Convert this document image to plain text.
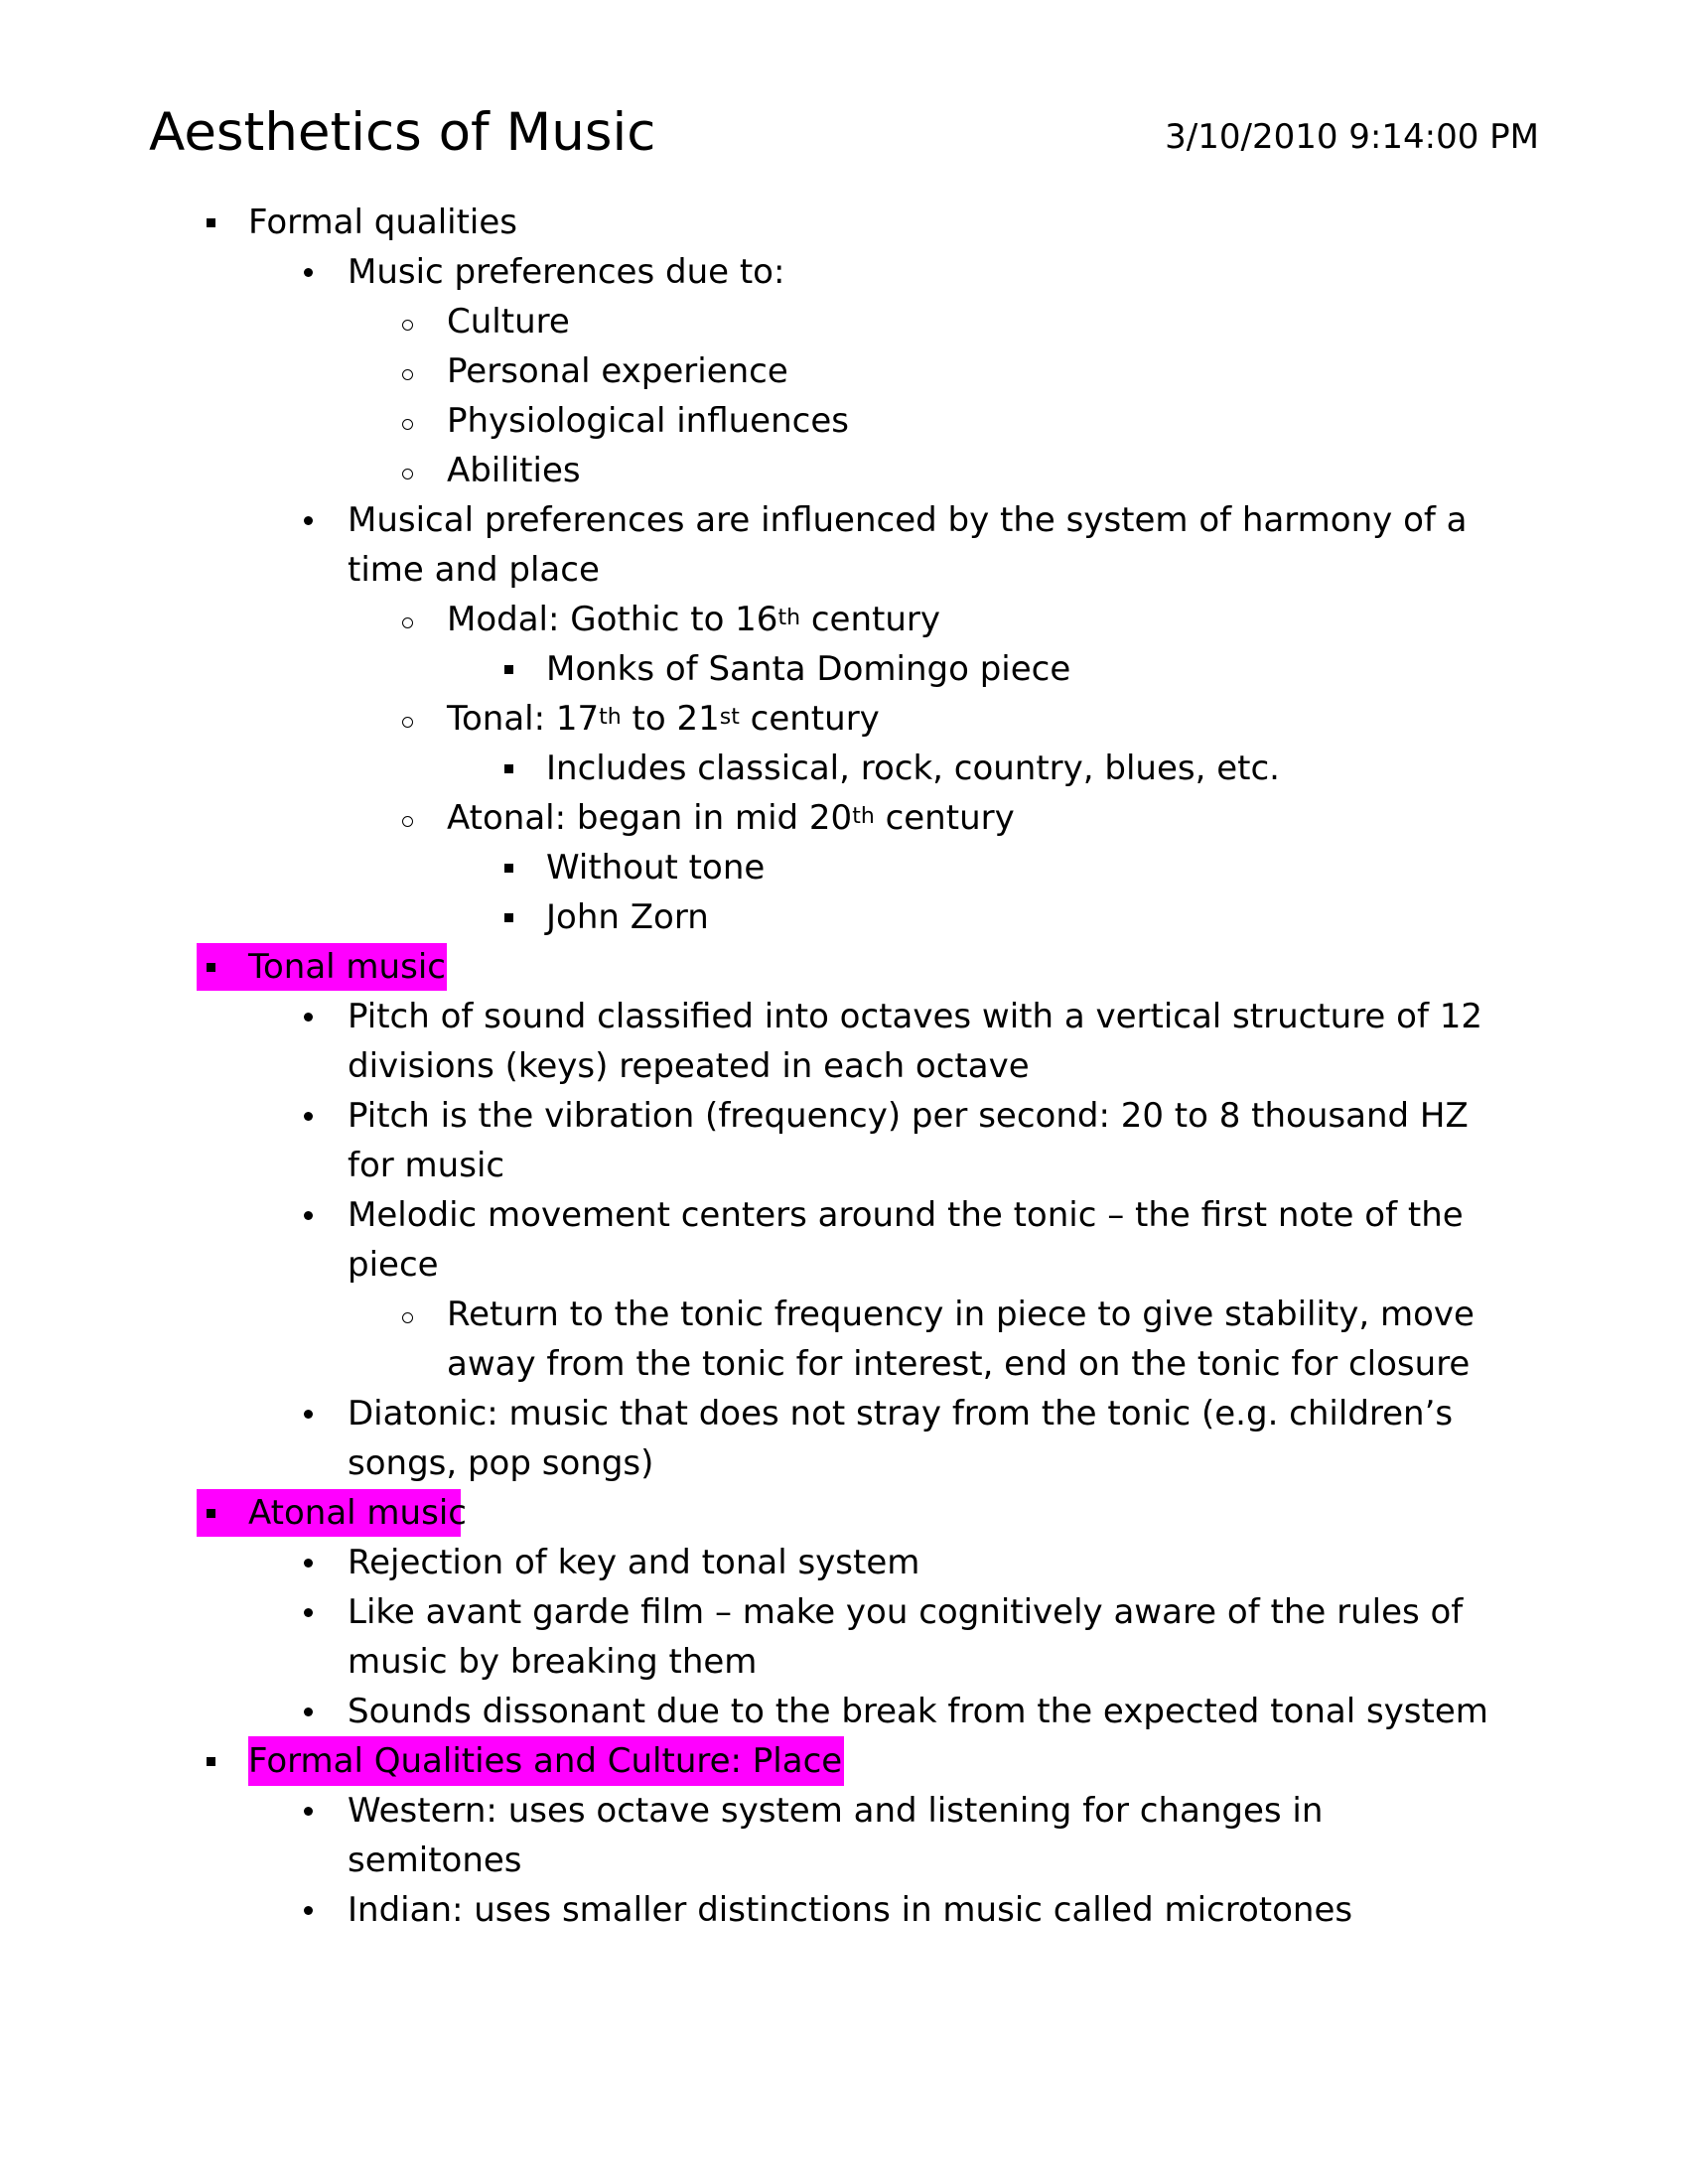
Aesthetics of Music	3/10/2010 9:14:00 PM
Formal qualities
Music preferences due to:
Culture
Personal experience
Physiological influences
Abilities
Musical preferences are influenced by the system of harmony of a
time and place
Modal: Gothic to 16th century
Monks of Santa Domingo piece
Tonal: 17th to 21st century
Includes classical, rock, country, blues, etc.
Atonal: began in mid 20th century
Without tone
John Zorn
Tonal music
Pitch of sound classified into octaves with a vertical structure of 12
divisions (keys) repeated in each octave
Pitch is the vibration (frequency) per second: 20 to 8 thousand HZ
for music
Melodic movement centers around the tonic – the first note of the
piece
Return to the tonic frequency in piece to give stability, move
away from the tonic for interest, end on the tonic for closure
Diatonic: music that does not stray from the tonic (e.g. children’s
songs, pop songs)
Atonal music
Rejection of key and tonal system
Like avant garde film – make you cognitively aware of the rules of
music by breaking them
Sounds dissonant due to the break from the expected tonal system
Formal Qualities and Culture: Place
Western: uses octave system and listening for changes in
semitones
Indian: uses smaller distinctions in music called microtones
